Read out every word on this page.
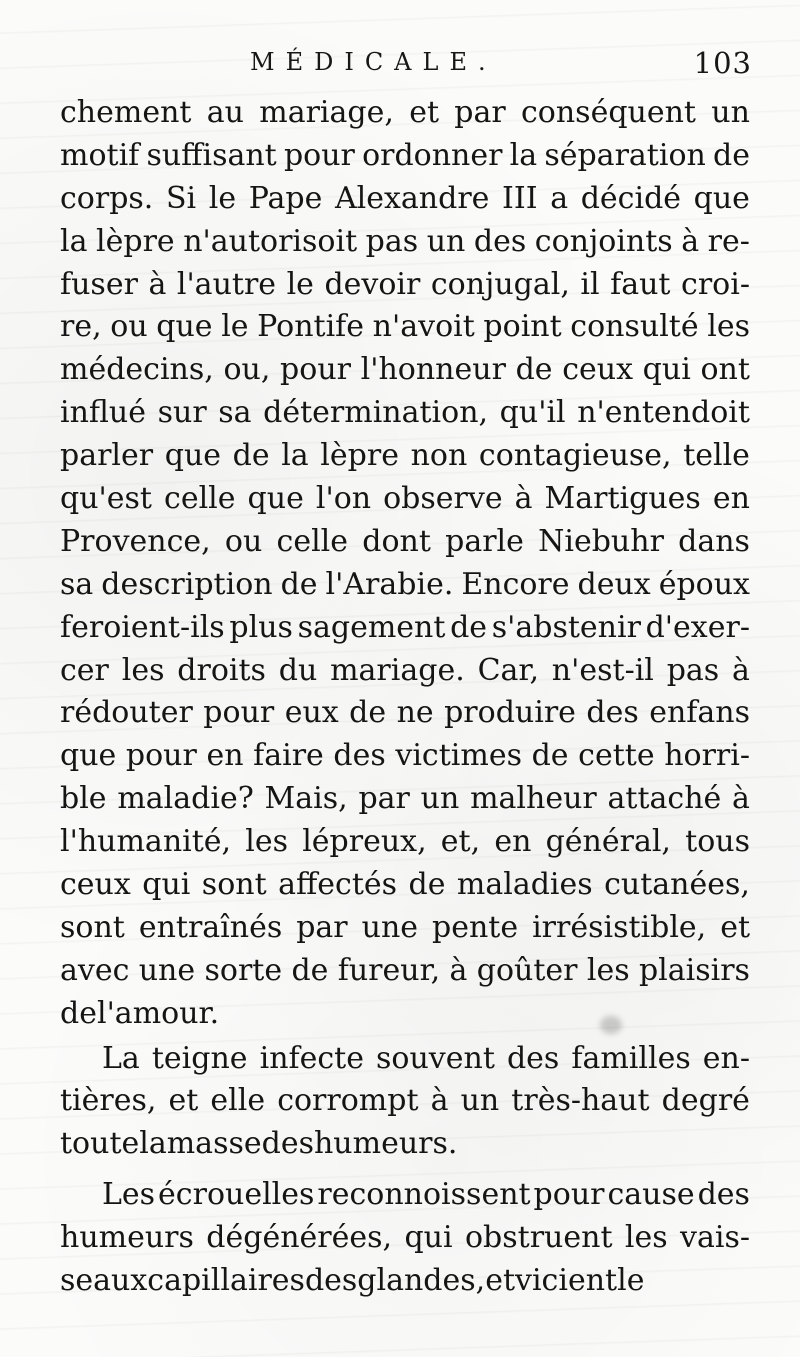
MÉDICALE.	103
chement au mariage, et par conséquent un
motif suffisant pour ordonner la séparation de
corps. Si le Pape Alexandre III a décidé que
la lèpre n'autorisoit pas un des conjoints à re-
fuser à l'autre le devoir conjugal, il faut croi-
re, ou que le Pontife n'avoit point consulté les
médecins, ou, pour l'honneur de ceux qui ont
influé sur sa détermination, qu'il n'entendoit
parler que de la lèpre non contagieuse, telle
qu'est celle que l'on observe à Martigues en
Provence, ou celle dont parle Niebuhr dans
sa description de l'Arabie. Encore deux époux
feroient-ils plus sagement de s'abstenir d'exer-
cer les droits du mariage. Car, n'est-il pas à
rédouter pour eux de ne produire des enfans
que pour en faire des victimes de cette horri-
ble maladie? Mais, par un malheur attaché à
l'humanité, les lépreux, et, en général, tous
ceux qui sont affectés de maladies cutanées,
sont entraînés par une pente irrésistible, et
avec une sorte de fureur, à goûter les plaisirs
de l'amour.
La teigne infecte souvent des familles en-
tières, et elle corrompt à un très-haut degré
toute la masse des humeurs.
Les écrouelles reconnoissent pour cause des
humeurs dégénérées, qui obstruent les vais-
seaux capillaires des glandes, et vicient le
